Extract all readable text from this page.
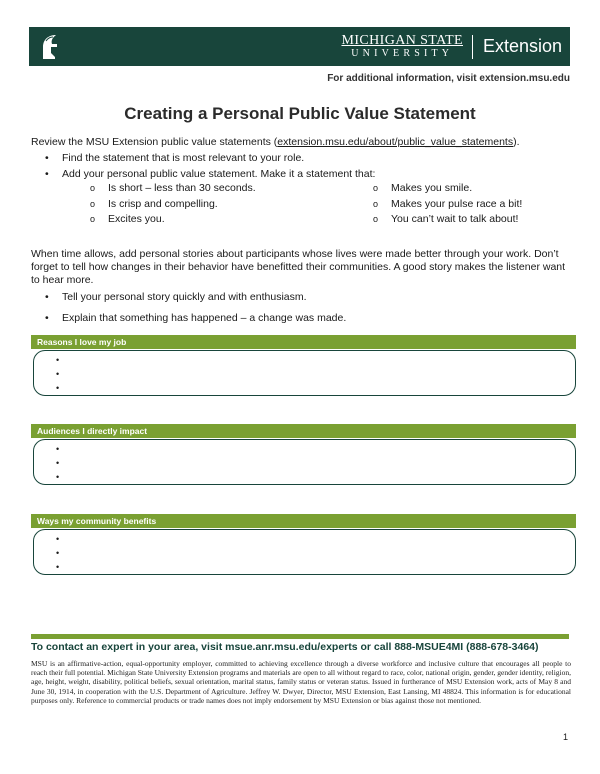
MICHIGAN STATE
UNIVERSITY	Extension
For additional information, visit extension.msu.edu
Creating a Personal Public Value Statement
Review the MSU Extension public value statements (extension.msu.edu/about/public_value_statements).
• Find the statement that is most relevant to your role.
• Add your personal public value statement. Make it a statement that:
o Is short – less than 30 seconds.
o Is crisp and compelling.
o Excites you.
o Makes you smile.
o Makes your pulse race a bit!
o You can’t wait to talk about!
When time allows, add personal stories about participants whose lives were made better through your work. Don’t forget to tell how changes in their behavior have benefitted their communities. A good story makes the listener want to hear more.
• Tell your personal story quickly and with enthusiasm.
• Explain that something has happened – a change was made.
Reasons I love my job
•
•
•
Audiences I directly impact
•
•
•
Ways my community benefits
•
•
•
To contact an expert in your area, visit msue.anr.msu.edu/experts or call 888-MSUE4MI (888-678-3464)
MSU is an affirmative-action, equal-opportunity employer, committed to achieving excellence through a diverse workforce and inclusive culture that encourages all people to reach their full potential. Michigan State University Extension programs and materials are open to all without regard to race, color, national origin, gender, gender identity, religion, age, height, weight, disability, political beliefs, sexual orientation, marital status, family status or veteran status. Issued in furtherance of MSU Extension work, acts of May 8 and June 30, 1914, in cooperation with the U.S. Department of Agriculture. Jeffrey W. Dwyer, Director, MSU Extension, East Lansing, MI 48824. This information is for educational purposes only. Reference to commercial products or trade names does not imply endorsement by MSU Extension or bias against those not mentioned.
1
